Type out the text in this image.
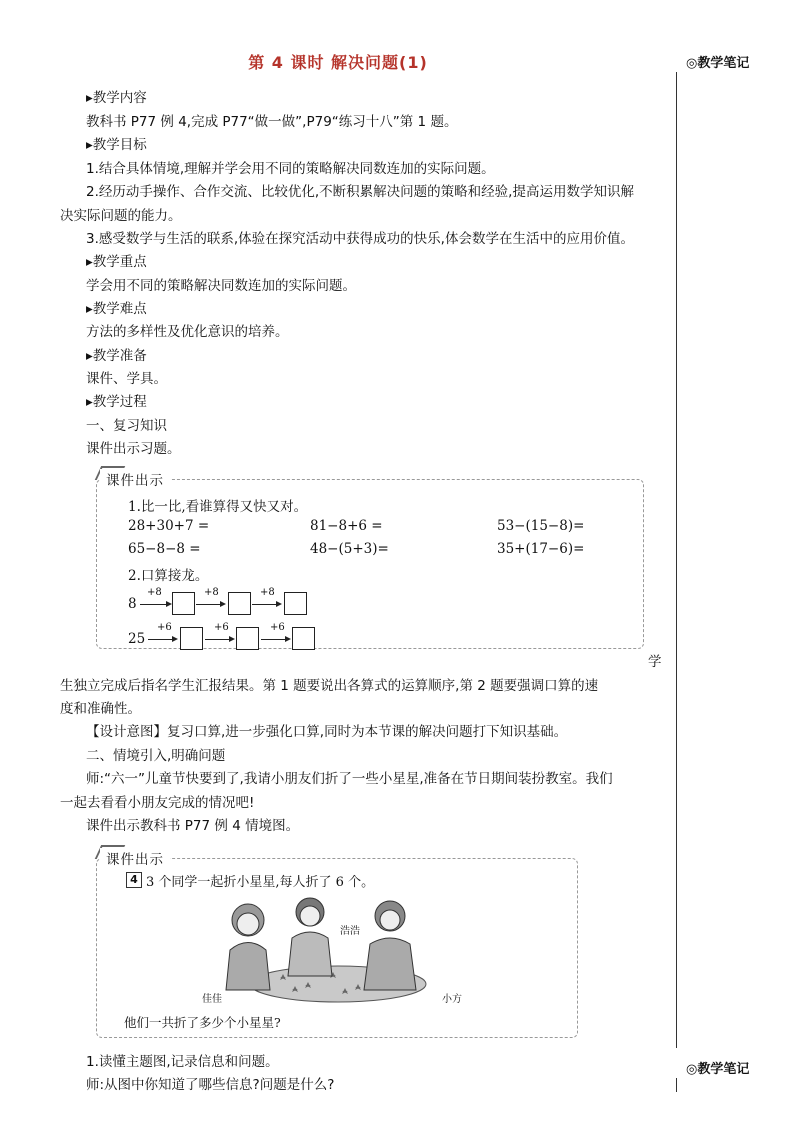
第 4 课时 解决问题(1)	◎教学笔记
◎教学笔记
▸教学内容
教科书 P77 例 4,完成 P77“做一做”,P79“练习十八”第 1 题。
▸教学目标
1.结合具体情境,理解并学会用不同的策略解决同数连加的实际问题。
2.经历动手操作、合作交流、比较优化,不断积累解决问题的策略和经验,提高运用数学知识解
决实际问题的能力。
3.感受数学与生活的联系,体验在探究活动中获得成功的快乐,体会数学在生活中的应用价值。
▸教学重点
学会用不同的策略解决同数连加的实际问题。
▸教学难点
方法的多样性及优化意识的培养。
▸教学准备
课件、学具。
▸教学过程
一、复习知识
课件出示习题。
课件出示
1.比一比,看谁算得又快又对。
28+30+7 =	81−8+6 =	53−(15−8)=
65−8−8 =	48−(5+3)=	35+(17−6)=
2.口算接龙。
8
+8	+8	+8
25
+6	+6	+6
学
生独立完成后指名学生汇报结果。第 1 题要说出各算式的运算顺序,第 2 题要强调口算的速
度和准确性。
【设计意图】复习口算,进一步强化口算,同时为本节课的解决问题打下知识基础。
二、情境引入,明确问题
师:“六一”儿童节快要到了,我请小朋友们折了一些小星星,准备在节日期间装扮教室。我们
一起去看看小朋友完成的情况吧!
课件出示教科书 P77 例 4 情境图。
课件出示
4 3 个同学一起折小星星,每人折了 6 个。
浩浩
佳佳	小方
他们一共折了多少个小星星?
1.读懂主题图,记录信息和问题。
师:从图中你知道了哪些信息?问题是什么?
